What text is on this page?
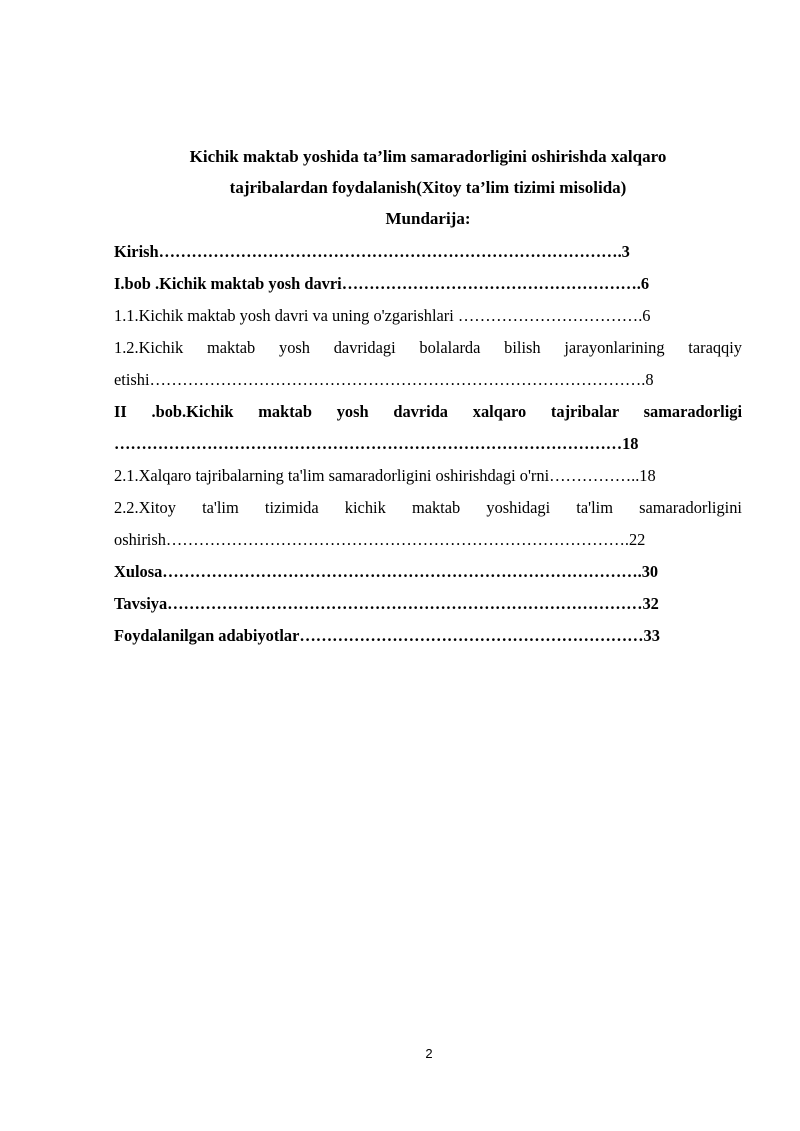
Kichik maktab yoshida ta’lim samaradorligini oshirishda xalqaro
tajribalardan foydalanish(Xitoy ta’lim tizimi misolida)
Mundarija:
Kirish………………………………………………………………………….3
I.bob .Kichik maktab yosh davri……………………………………………….6
1.1.Kichik maktab yosh davri va uning o'zgarishlari …………………………….6
1.2.Kichik maktab yosh davridagi bolalarda bilish jarayonlarining taraqqiy
etishi……………………………………………………………………………….8
II .bob.Kichik maktab yosh davrida xalqaro tajribalar samaradorligi
…………………………………………………………………………………18
2.1.Xalqaro tajribalarning ta'lim samaradorligini oshirishdagi o'rni……………..18
2.2.Xitoy ta'lim tizimida kichik maktab yoshidagi ta'lim samaradorligini
oshirish………………………………………………………………………….22
Xulosa…………………………………………………………………………….30
Tavsiya……………………………………………………………………………32
Foydalanilgan adabiyotlar………………………………………………………33
2
